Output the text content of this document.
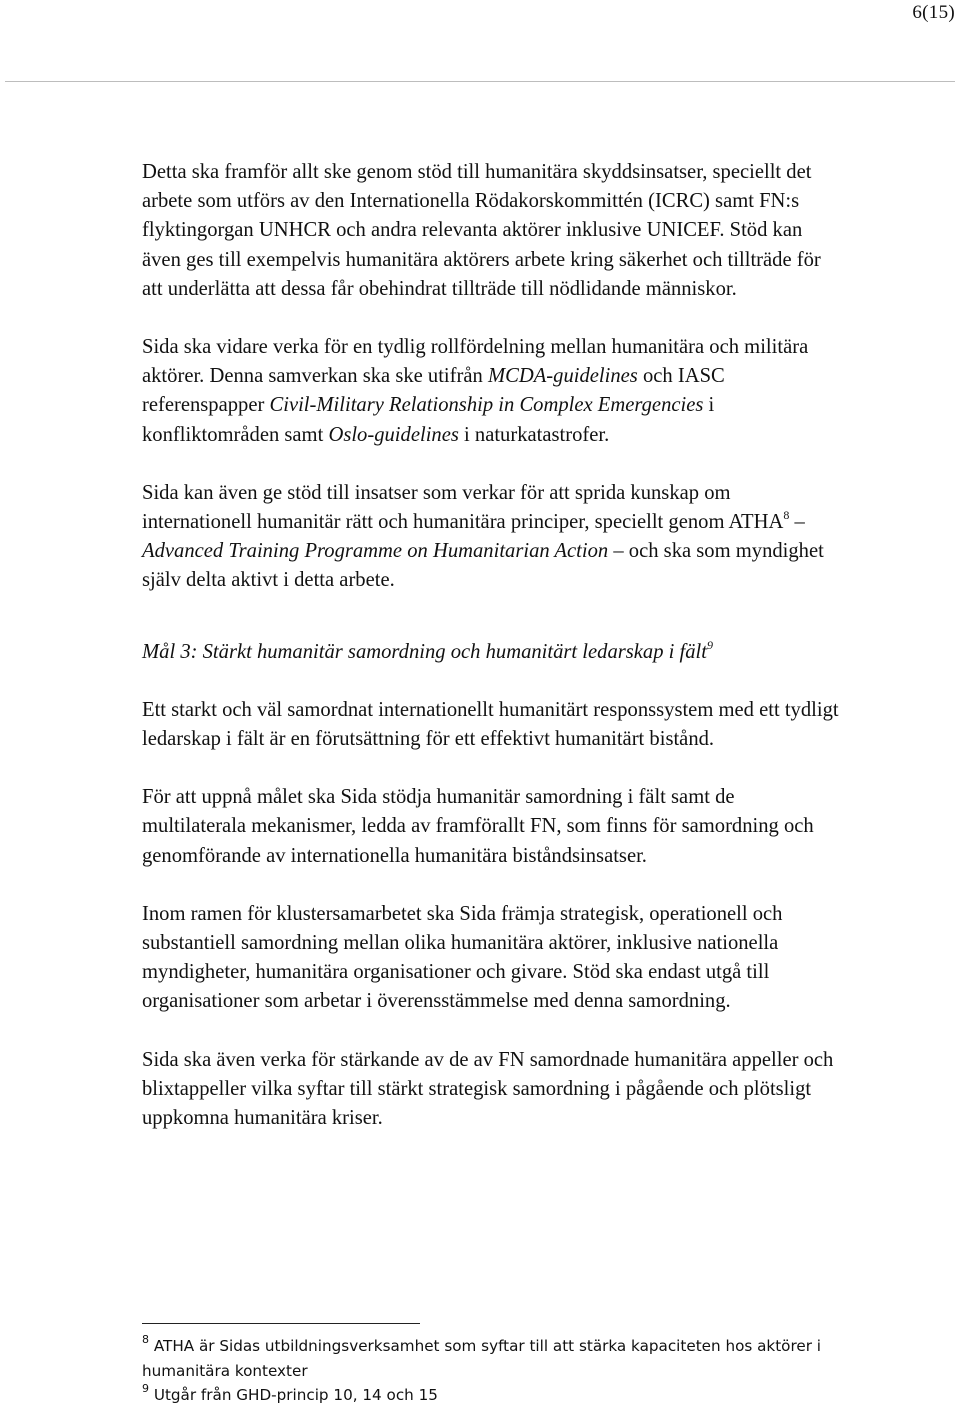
6(15)

Detta ska framför allt ske genom stöd till humanitära skyddsinsatser, speciellt det arbete som utförs av den Internationella Rödakorskommittén (ICRC) samt FN:s flyktingorgan UNHCR och andra relevanta aktörer inklusive UNICEF. Stöd kan även ges till exempelvis humanitära aktörers arbete kring säkerhet och tillträde för att underlätta att dessa får obehindrat tillträde till nödlidande människor.

Sida ska vidare verka för en tydlig rollfördelning mellan humanitära och militära aktörer. Denna samverkan ska ske utifrån MCDA-guidelines och IASC referenspapper Civil-Military Relationship in Complex Emergencies i konfliktområden samt Oslo-guidelines i naturkatastrofer.

Sida kan även ge stöd till insatser som verkar för att sprida kunskap om internationell humanitär rätt och humanitära principer, speciellt genom ATHA$^8$ – Advanced Training Programme on Humanitarian Action – och ska som myndighet själv delta aktivt i detta arbete.

Mål 3: Stärkt humanitär samordning och humanitärt ledarskap i fält$^9$

Ett starkt och väl samordnat internationellt humanitärt responssystem med ett tydligt ledarskap i fält är en förutsättning för ett effektivt humanitärt bistånd.

För att uppnå målet ska Sida stödja humanitär samordning i fält samt de multilaterala mekanismer, ledda av framförallt FN, som finns för samordning och genomförande av internationella humanitära biståndsinsatser.

Inom ramen för klustersamarbetet ska Sida främja strategisk, operationell och substantiell samordning mellan olika humanitära aktörer, inklusive nationella myndigheter, humanitära organisationer och givare. Stöd ska endast utgå till organisationer som arbetar i överensstämmelse med denna samordning.

Sida ska även verka för stärkande av de av FN samordnade humanitära appeller och blixtappeller vilka syftar till stärkt strategisk samordning i pågående och plötsligt uppkomna humanitära kriser.

$^8$ ATHA är Sidas utbildningsverksamhet som syftar till att stärka kapaciteten hos aktörer i humanitära kontexter

$^9$ Utgår från GHD-princip 10, 14 och 15
